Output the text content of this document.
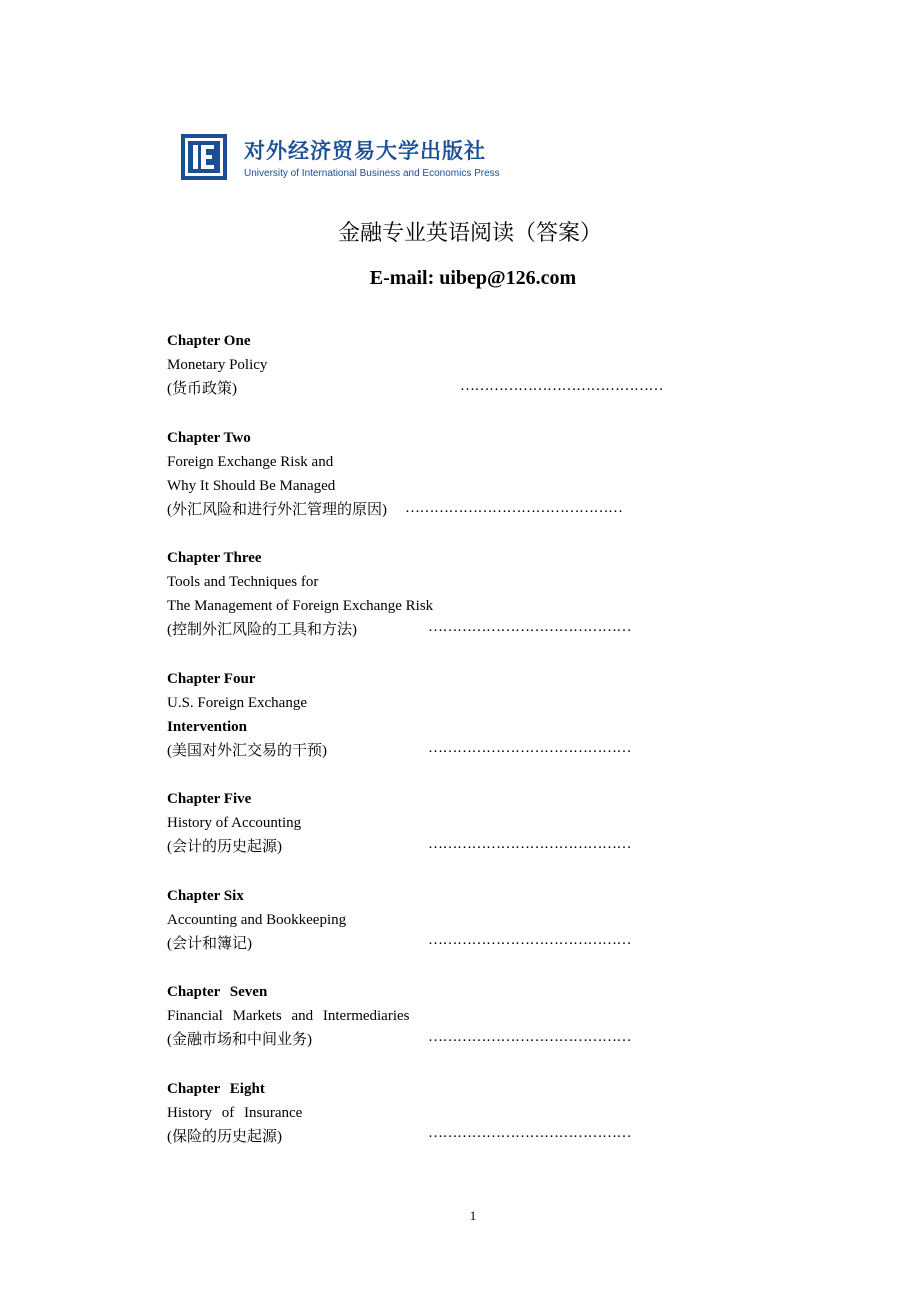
对外经济贸易大学出版社
University of International Business and Economics Press
金融专业英语阅读（答案）
E-mail: uibep@126.com
Chapter One
Monetary Policy
(货币政策)	……………………………………
Chapter Two
Foreign Exchange Risk and
Why It Should Be Managed
(外汇风险和进行外汇管理的原因)	………………………………………
Chapter Three
Tools and Techniques for
The Management of Foreign Exchange Risk
(控制外汇风险的工具和方法)	……………………………………
Chapter Four
U.S. Foreign Exchange
Intervention
(美国对外汇交易的干预)	……………………………………
Chapter Five
History of Accounting
(会计的历史起源)	……………………………………
Chapter Six
Accounting and Bookkeeping
(会计和簿记)	……………………………………
Chapter Seven
Financial Markets and Intermediaries
(金融市场和中间业务)	……………………………………
Chapter Eight
History of Insurance
(保险的历史起源)	……………………………………
1
